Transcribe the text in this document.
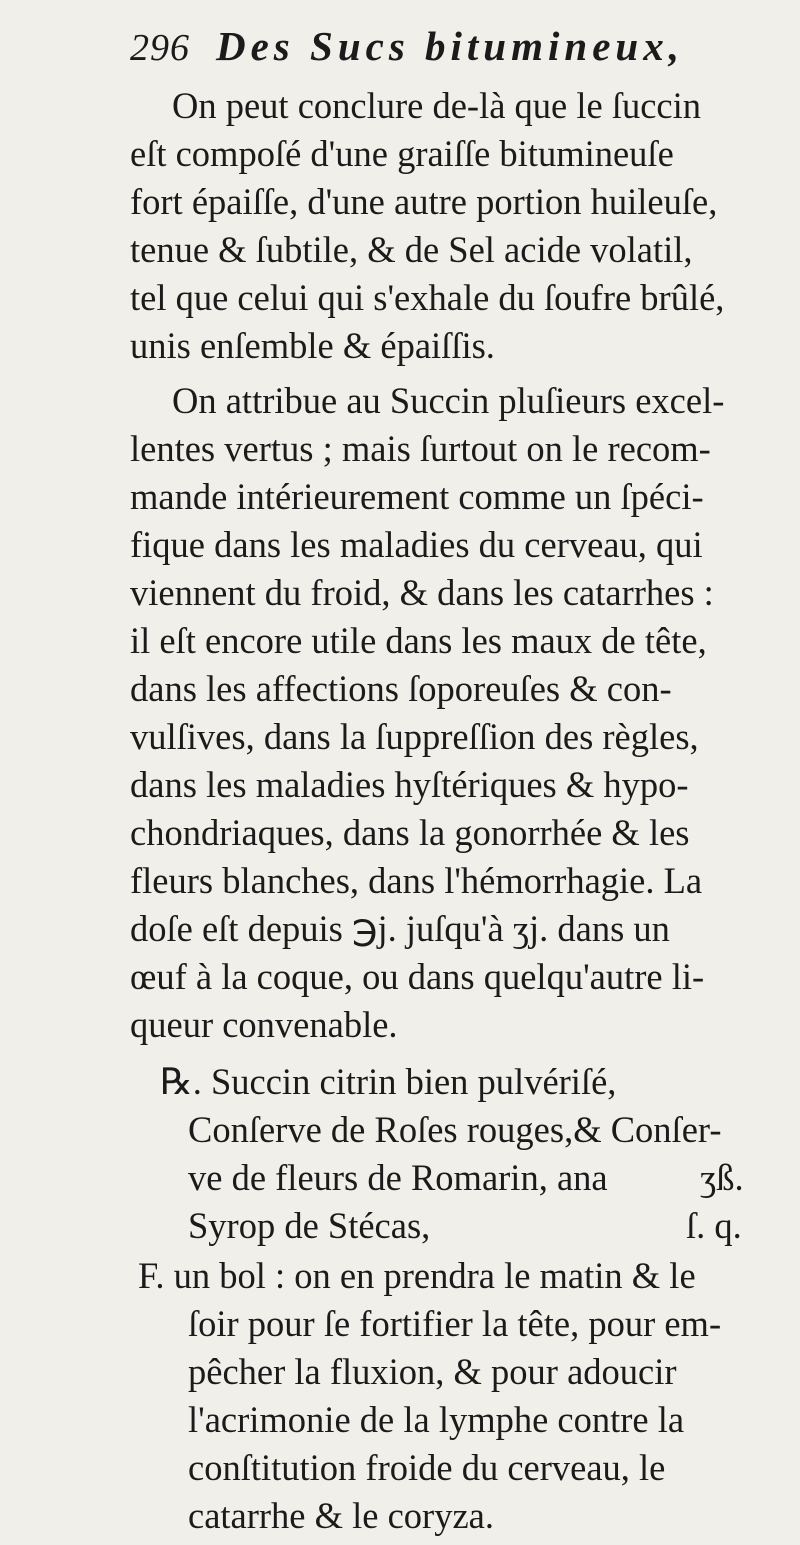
296 Des Sucs bitumineux,
On peut conclure de-là que le ſuccin
eſt compoſé d'une graiſſe bitumineuſe
fort épaiſſe, d'une autre portion huileuſe,
tenue & ſubtile, & de Sel acide volatil,
tel que celui qui s'exhale du ſoufre brûlé,
unis enſemble & épaiſſis.
On attribue au Succin pluſieurs excel-
lentes vertus ; mais ſurtout on le recom-
mande intérieurement comme un ſpéci-
fique dans les maladies du cerveau, qui
viennent du froid, & dans les catarrhes :
il eſt encore utile dans les maux de tête,
dans les affections ſoporeuſes & con-
vulſives, dans la ſuppreſſion des règles,
dans les maladies hyſtériques & hypo-
chondriaques, dans la gonorrhée & les
fleurs blanches, dans l'hémorrhagie. La
doſe eſt depuis ℈j. juſqu'à ʒj. dans un
œuf à la coque, ou dans quelqu'autre li-
queur convenable.
℞. Succin citrin bien pulvériſé,
Conſerve de Roſes rouges,& Conſer-
ve de fleurs de Romarin, ana	ʒß.
Syrop de Stécas,	ſ. q.
F. un bol : on en prendra le matin & le
ſoir pour ſe fortifier la tête, pour em-
pêcher la fluxion, & pour adoucir
l'acrimonie de la lymphe contre la
conſtitution froide du cerveau, le
catarrhe & le coryza.
